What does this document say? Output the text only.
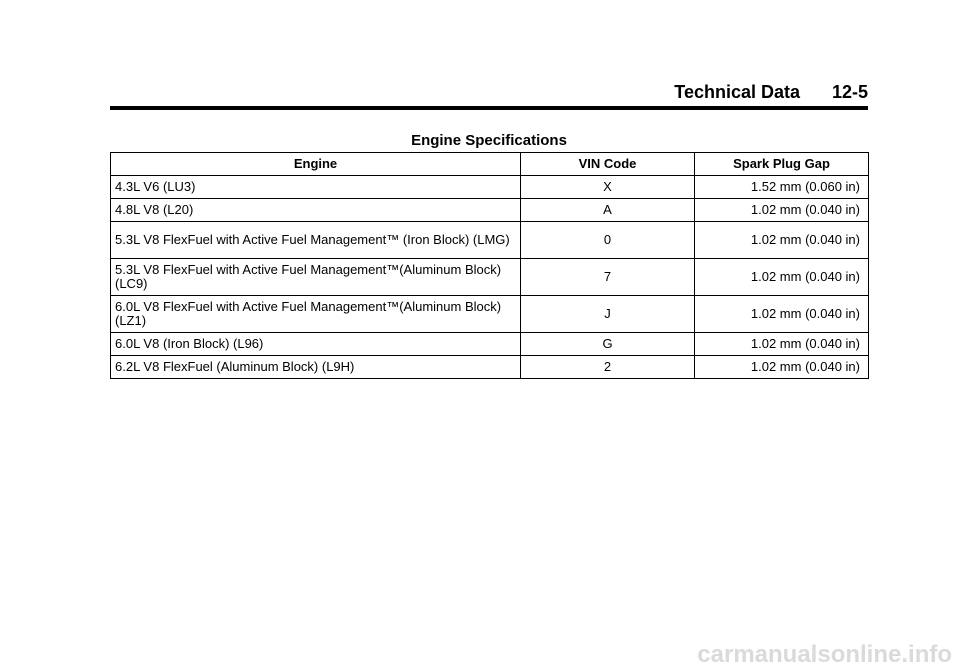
Technical Data 12-5
Engine Specifications
Engine	VIN Code	Spark Plug Gap
4.3L V6 (LU3)	X	1.52 mm (0.060 in)
4.8L V8 (L20)	A	1.02 mm (0.040 in)
5.3L V8 FlexFuel with Active Fuel Management™ (Iron Block) (LMG)	0	1.02 mm (0.040 in)
5.3L V8 FlexFuel with Active Fuel Management™(Aluminum Block) (LC9)	7	1.02 mm (0.040 in)
6.0L V8 FlexFuel with Active Fuel Management™(Aluminum Block)(LZ1)	J	1.02 mm (0.040 in)
6.0L V8 (Iron Block) (L96)	G	1.02 mm (0.040 in)
6.2L V8 FlexFuel (Aluminum Block) (L9H)	2	1.02 mm (0.040 in)
carmanualsonline.info
